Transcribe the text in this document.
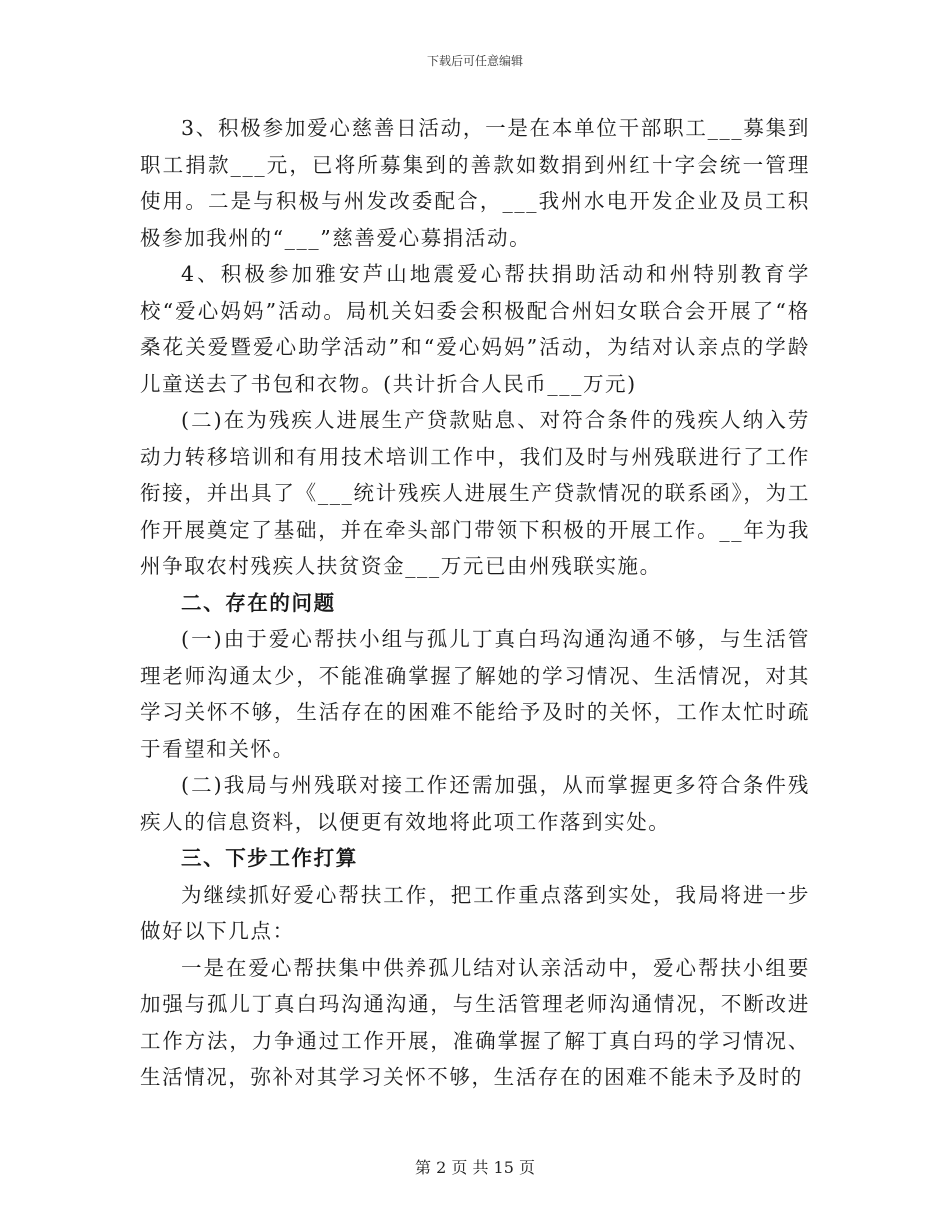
下载后可任意编辑

3、积极参加爱心慈善日活动，一是在本单位干部职工___募集到职工捐款___元，已将所募集到的善款如数捐到州红十字会统一管理使用。二是与积极与州发改委配合，___我州水电开发企业及员工积极参加我州的“___”慈善爱心募捐活动。

4、积极参加雅安芦山地震爱心帮扶捐助活动和州特别教育学校“爱心妈妈”活动。局机关妇委会积极配合州妇女联合会开展了“格桑花关爱暨爱心助学活动”和“爱心妈妈”活动，为结对认亲点的学龄儿童送去了书包和衣物。(共计折合人民币___万元)

(二)在为残疾人进展生产贷款贴息、对符合条件的残疾人纳入劳动力转移培训和有用技术培训工作中，我们及时与州残联进行了工作衔接，并出具了《___统计残疾人进展生产贷款情况的联系函》，为工作开展奠定了基础，并在牵头部门带领下积极的开展工作。__年为我州争取农村残疾人扶贫资金___万元已由州残联实施。

二、存在的问题

(一)由于爱心帮扶小组与孤儿丁真白玛沟通沟通不够，与生活管理老师沟通太少，不能准确掌握了解她的学习情况、生活情况，对其学习关怀不够，生活存在的困难不能给予及时的关怀，工作太忙时疏于看望和关怀。

(二)我局与州残联对接工作还需加强，从而掌握更多符合条件残疾人的信息资料，以便更有效地将此项工作落到实处。

三、下步工作打算

为继续抓好爱心帮扶工作，把工作重点落到实处，我局将进一步做好以下几点：

一是在爱心帮扶集中供养孤儿结对认亲活动中，爱心帮扶小组要加强与孤儿丁真白玛沟通沟通，与生活管理老师沟通情况，不断改进工作方法，力争通过工作开展，准确掌握了解丁真白玛的学习情况、生活情况，弥补对其学习关怀不够，生活存在的困难不能未予及时的

第 2 页 共 15 页
